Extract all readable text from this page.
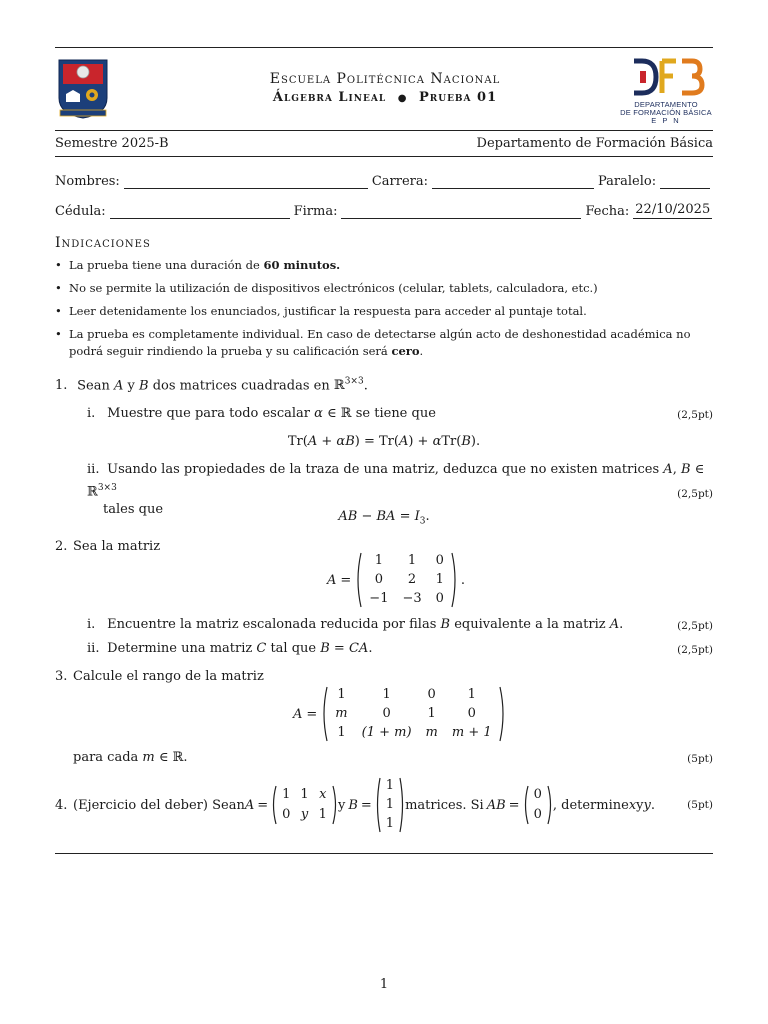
Escuela Politécnica Nacional
Álgebra Lineal ● Prueba 01	DEPARTAMENTO
DE FORMACIÓN BÁSICA
E P N
Semestre 2025-B	Departamento de Formación Básica
Nombres:	Carrera:	Paralelo:
Cédula:	Firma:	Fecha: 22/10/2025
Indicaciones
• La prueba tiene una duración de 60 minutos.
• No se permite la utilización de dispositivos electrónicos (celular, tablets, calculadora, etc.)
• Leer detenidamente los enunciados, justificar la respuesta para acceder al puntaje total.
• La prueba es completamente individual. En caso de detectarse algún acto de deshonestidad académica no podrá seguir rindiendo la prueba y su calificación será cero.
1. Sean A y B dos matrices cuadradas en ℝ$^{3\times 3}$.
i. Muestre que para todo escalar α ∈ ℝ se tiene que	(2,5pt)
Tr(A + αB) = Tr(A) + αTr(B).
ii. Usando las propiedades de la traza de una matriz, deduzca que no existen matrices A, B ∈ ℝ$^{3\times 3}$
tales que
(2,5pt)
AB − BA = $I_3$.
2. Sea la matriz
A =
1	1	0
0	2	1
−1	−3	0
.
i. Encuentre la matriz escalonada reducida por filas B equivalente a la matriz A.	(2,5pt)
ii. Determine una matriz C tal que B = CA.	(2,5pt)
3. Calcule el rango de la matriz
A =
1	1	0	1
m	0	1	0
1	(1 + m)	m	m + 1
para cada m ∈ ℝ.	(5pt)
4. (Ejercicio del deber) Sean A =
1	1	x
0	y	1
y B =
1
1
1
matrices. Si AB =
0
0
, determine x y y .	(5pt)
1
